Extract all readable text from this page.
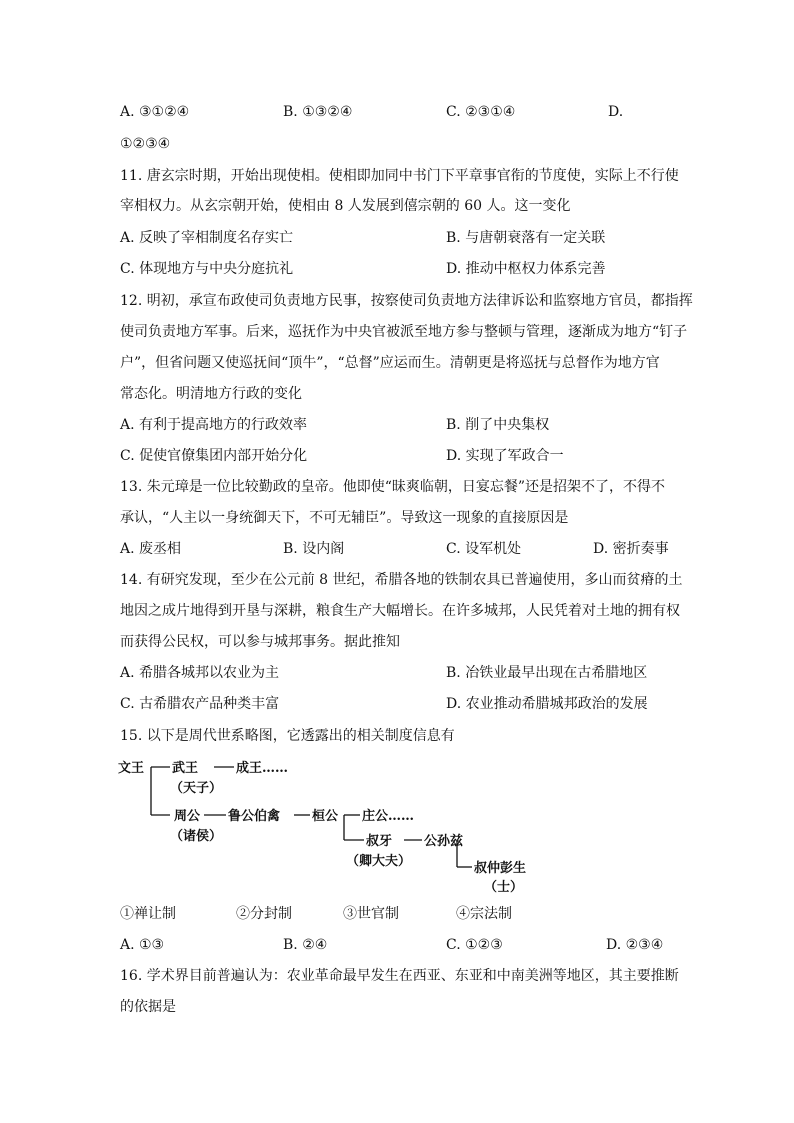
A. ③①②④	B. ①③②④	C. ②③①④	D.
①②③④
11. 唐玄宗时期，开始出现使相。使相即加同中书门下平章事官衔的节度使，实际上不行使
宰相权力。从玄宗朝开始，使相由 8 人发展到僖宗朝的 60 人。这一变化
A. 反映了宰相制度名存实亡	B. 与唐朝衰落有一定关联
C. 体现地方与中央分庭抗礼	D. 推动中枢权力体系完善
12. 明初，承宣布政使司负责地方民事，按察使司负责地方法律诉讼和监察地方官员，都指挥
使司负责地方军事。后来，巡抚作为中央官被派至地方参与整顿与管理，逐渐成为地方“钉子
户”，但省问题又使巡抚间“顶牛”，“总督”应运而生。清朝更是将巡抚与总督作为地方官
常态化。明清地方行政的变化
A. 有利于提高地方的行政效率	B. 削了中央集权
C. 促使官僚集团内部开始分化	D. 实现了军政合一
13. 朱元璋是一位比较勤政的皇帝。他即使“昧爽临朝，日宴忘餐”还是招架不了，不得不
承认，“人主以一身统御天下，不可无辅臣”。导致这一现象的直接原因是
A. 废丞相	B. 设内阁	C. 设军机处	D. 密折奏事
14. 有研究发现，至少在公元前 8 世纪，希腊各地的铁制农具已普遍使用，多山而贫瘠的土
地因之成片地得到开垦与深耕，粮食生产大幅增长。在许多城邦，人民凭着对土地的拥有权
而获得公民权，可以参与城邦事务。据此推知
A. 希腊各城邦以农业为主	B. 冶铁业最早出现在古希腊地区
C. 古希腊农产品种类丰富	D. 农业推动希腊城邦政治的发展
15. 以下是周代世系略图，它透露出的相关制度信息有
文王 武王	成王……
（天子）
周公 鲁公伯禽 桓公 庄公……
（诸侯）	叔牙 公孙兹
（卿大夫）	叔仲彭生
（士）
①禅让制	②分封制	③世官制	④宗法制
A. ①③	B. ②④	C. ①②③	D. ②③④
16. 学术界目前普遍认为：农业革命最早发生在西亚、东亚和中南美洲等地区，其主要推断
的依据是
